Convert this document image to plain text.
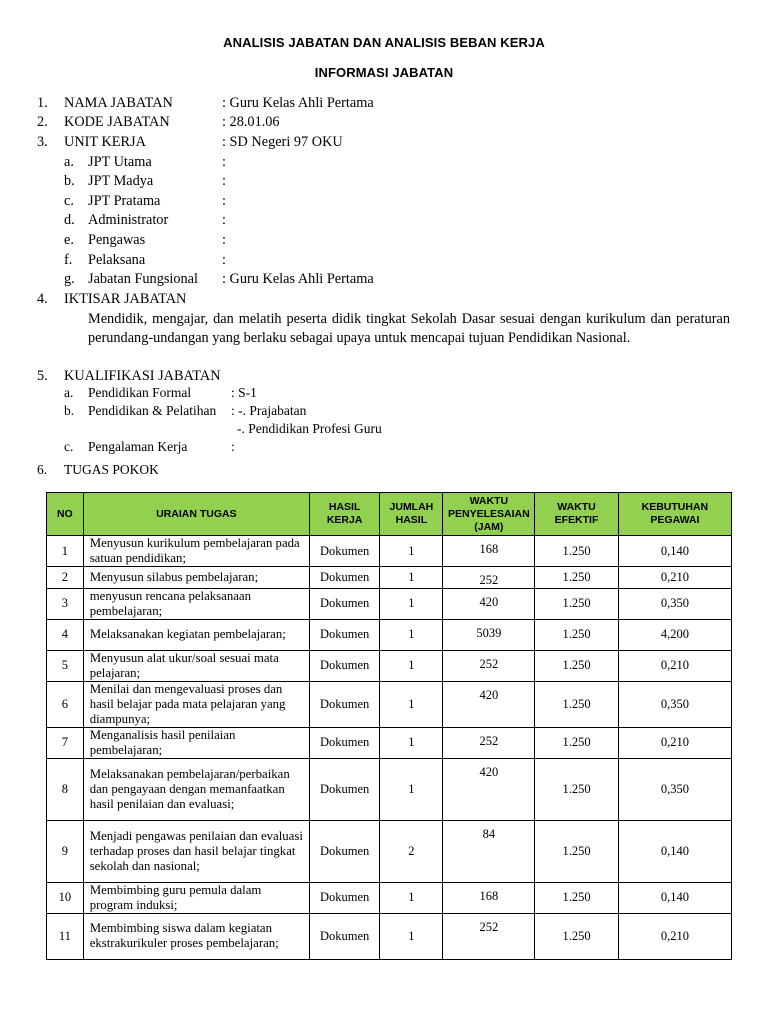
ANALISIS JABATAN DAN ANALISIS BEBAN KERJA
INFORMASI JABATAN
1. NAMA JABATAN	: Guru Kelas Ahli Pertama
2. KODE JABATAN	: 28.01.06
3. UNIT KERJA	: SD Negeri 97 OKU
a. JPT Utama	:
b. JPT Madya	:
c. JPT Pratama	:
d. Administrator	:
e. Pengawas	:
f. Pelaksana	:
g. Jabatan Fungsional : Guru Kelas Ahli Pertama
4. IKTISAR JABATAN
Mendidik, mengajar, dan melatih peserta didik tingkat Sekolah Dasar sesuai dengan kurikulum dan peraturan perundang-undangan yang berlaku sebagai upaya untuk mencapai tujuan Pendidikan Nasional.
5. KUALIFIKASI JABATAN
a. Pendidikan Formal	: S-1
b. Pendidikan & Pelatihan : -. Prajabatan
-. Pendidikan Profesi Guru
c. Pengalaman Kerja	:
6. TUGAS POKOK
NO	URAIAN TUGAS	HASIL KERJA	JUMLAH HASIL	WAKTU PENYELESAIAN (JAM)	WAKTU EFEKTIF	KEBUTUHAN PEGAWAI
1	Menyusun kurikulum pembelajaran pada satuan pendidikan;	Dokumen	1	168	1.250	0,140
2	Menyusun silabus pembelajaran;	Dokumen	1	252	1.250	0,210
3	menyusun rencana pelaksanaan pembelajaran;	Dokumen	1	420	1.250	0,350
4	Melaksanakan kegiatan pembelajaran;	Dokumen	1	5039	1.250	4,200
5	Menyusun alat ukur/soal sesuai mata pelajaran;	Dokumen	1	252	1.250	0,210
6	Menilai dan mengevaluasi proses dan hasil belajar pada mata pelajaran yang diampunya;	Dokumen	1	420	1.250	0,350
7	Menganalisis hasil penilaian pembelajaran;	Dokumen	1	252	1.250	0,210
8	Melaksanakan pembelajaran/perbaikan dan pengayaan dengan memanfaatkan hasil penilaian dan evaluasi;	Dokumen	1	420	1.250	0,350
9	Menjadi pengawas penilaian dan evaluasi terhadap proses dan hasil belajar tingkat sekolah dan nasional;	Dokumen	2	84	1.250	0,140
10	Membimbing guru pemula dalam program induksi;	Dokumen	1	168	1.250	0,140
11	Membimbing siswa dalam kegiatan ekstrakurikuler proses pembelajaran;	Dokumen	1	252	1.250	0,210
